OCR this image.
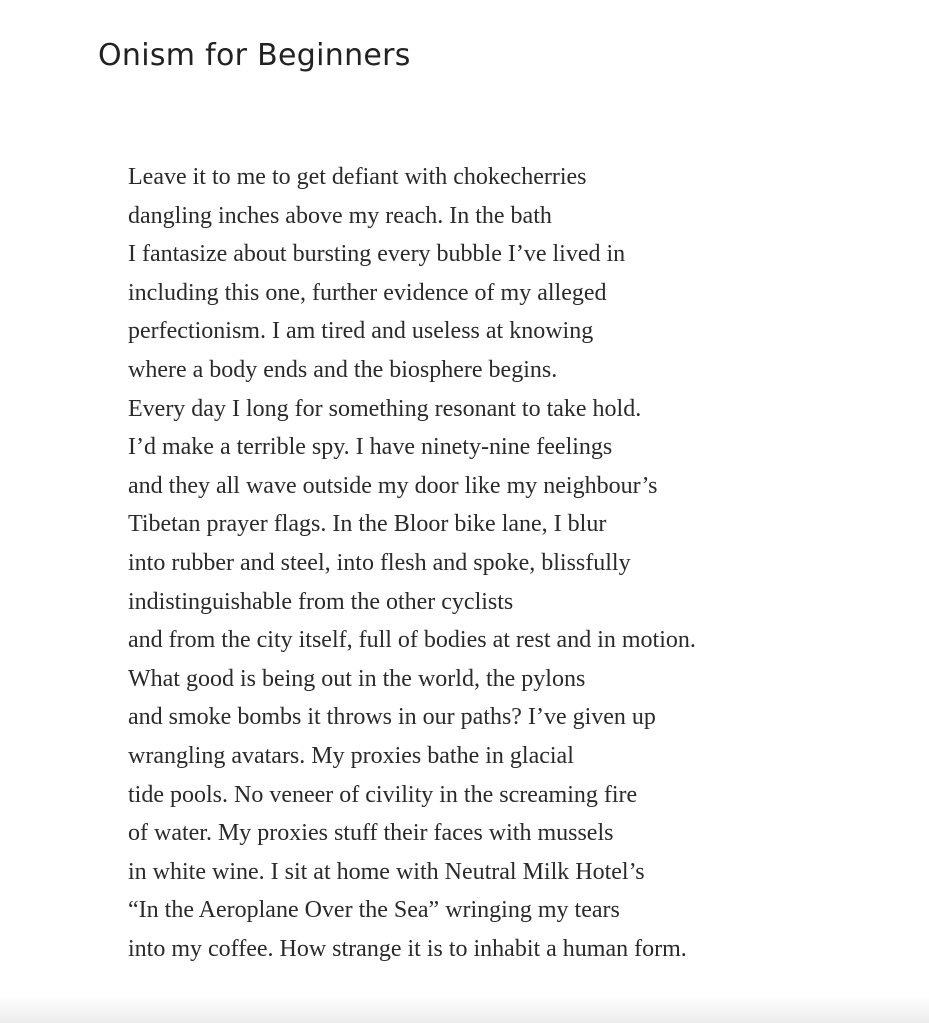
Onism for Beginners
Leave it to me to get defiant with chokecherries
dangling inches above my reach. In the bath
I fantasize about bursting every bubble I’ve lived in
including this one, further evidence of my alleged
perfectionism. I am tired and useless at knowing
where a body ends and the biosphere begins.
Every day I long for something resonant to take hold.
I’d make a terrible spy. I have ninety-nine feelings
and they all wave outside my door like my neighbour’s
Tibetan prayer flags. In the Bloor bike lane, I blur
into rubber and steel, into flesh and spoke, blissfully
indistinguishable from the other cyclists
and from the city itself, full of bodies at rest and in motion.
What good is being out in the world, the pylons
and smoke bombs it throws in our paths? I’ve given up
wrangling avatars. My proxies bathe in glacial
tide pools. No veneer of civility in the screaming fire
of water. My proxies stuff their faces with mussels
in white wine. I sit at home with Neutral Milk Hotel’s
“In the Aeroplane Over the Sea” wringing my tears
into my coffee. How strange it is to inhabit a human form.
